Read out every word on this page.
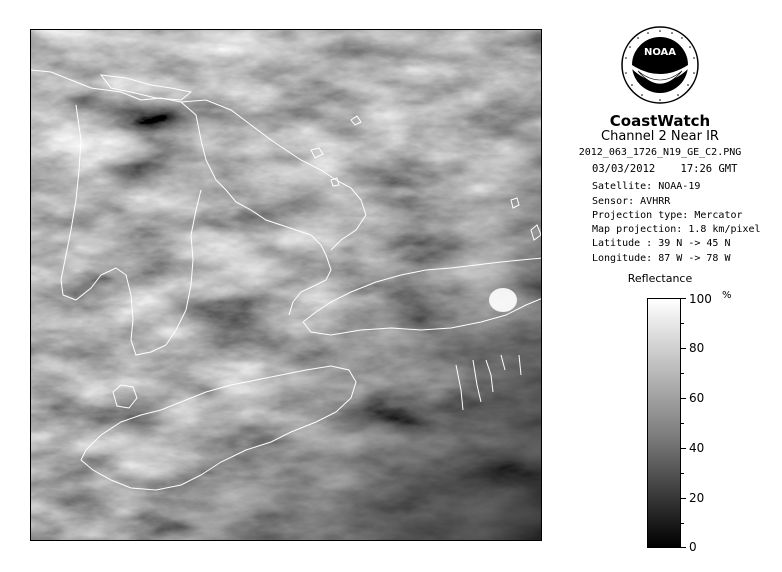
NOAA
CoastWatch
Channel 2 Near IR
2012_063_1726_N19_GE_C2.PNG
03/03/2012 17:26 GMT
Satellite: NOAA-19
Sensor: AVHRR
Projection type: Mercator
Map projection: 1.8 km/pixel
Latitude : 39 N -> 45 N
Longitude: 87 W -> 78 W
Reflectance
%
100
80
60
40
20
0
